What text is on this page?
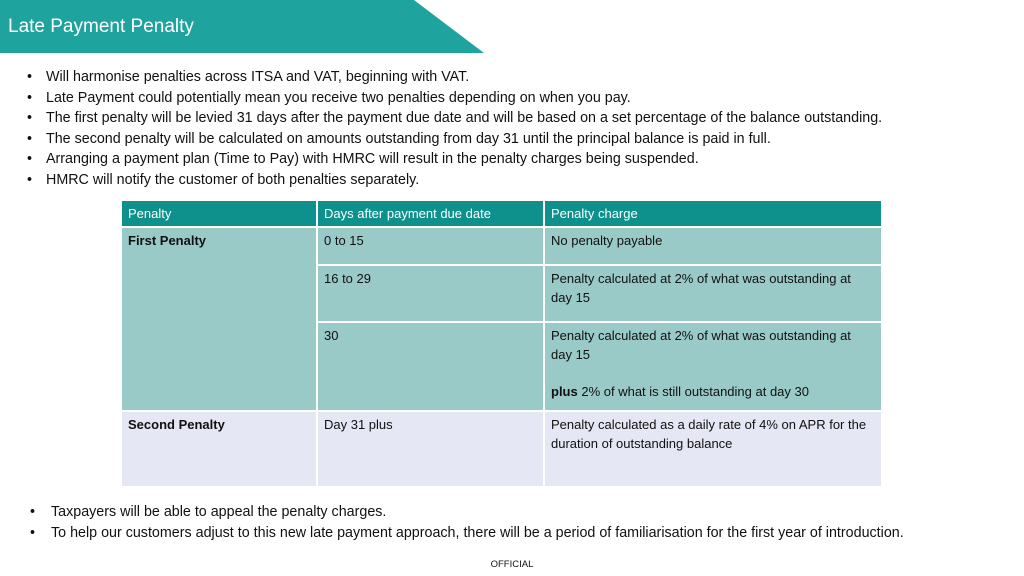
Late Payment Penalty
• Will harmonise penalties across ITSA and VAT, beginning with VAT.
• Late Payment could potentially mean you receive two penalties depending on when you pay.
• The first penalty will be levied 31 days after the payment due date and will be based on a set percentage of the balance outstanding.
• The second penalty will be calculated on amounts outstanding from day 31 until the principal balance is paid in full.
• Arranging a payment plan (Time to Pay) with HMRC will result in the penalty charges being suspended.
• HMRC will notify the customer of both penalties separately.
Penalty	Days after payment due date	Penalty charge
First Penalty	0 to 15	No penalty payable
	16 to 29	Penalty calculated at 2% of what was outstanding at day 15
	30	Penalty calculated at 2% of what was outstanding at day 15
plus 2% of what is still outstanding at day 30

Second Penalty	Day 31 plus	Penalty calculated as a daily rate of 4% on APR for the duration of outstanding balance
• Taxpayers will be able to appeal the penalty charges.
• To help our customers adjust to this new late payment approach, there will be a period of familiarisation for the first year of introduction.
OFFICIAL
